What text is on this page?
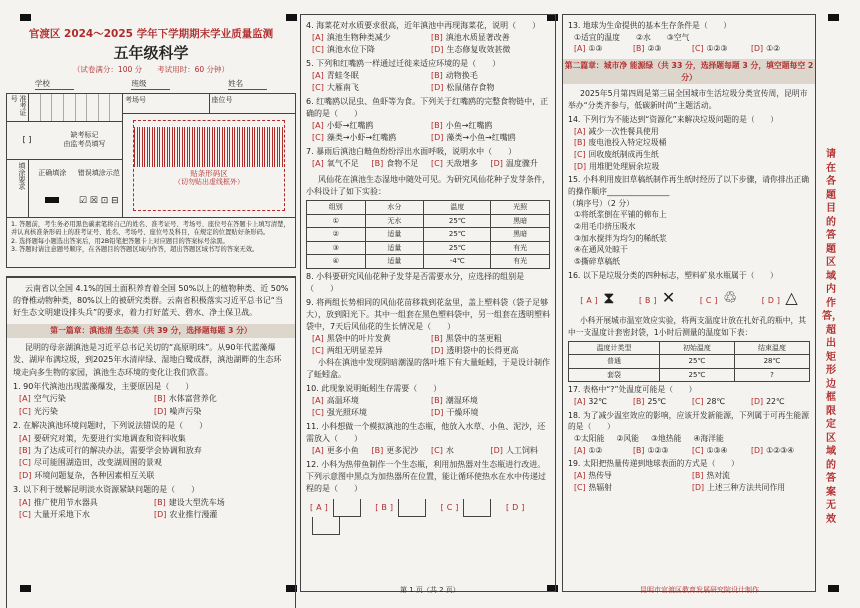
官渡区 2024～2025 学年下学期期末学业质量监测
五年级科学
（试卷满分：100 分　　考试用时：60 分钟）
学校	班级	姓名
准考证号
[ ]	缺考标记
由监考员填写
填涂要求	正确填涂	错误填涂示范
☑ ☒ ⊡ ⊟
考场号	座位号
贴条形码区
（切勿贴出虚线框外）
1. 答题前，考生务必用黑色碳素笔将自己的姓名、准考证号、考场号、座位号在答题卡上填写清楚，并认真核准条形码上的准考证号、姓名、考场号、座位号及科目，在规定的位置贴好条形码。
2. 选择题每小题选出答案后，用2B铅笔把答题卡上对应题目的答案标号涂黑。
3. 答题时请注意题号顺序，在各题目的答题区域内作答，超出答题区域书写的答案无效。

云南省以全国 4.1%的国土面积养育着全国 50%以上的植物种类、近 50%的脊椎动物种类，80%以上的被研究类群。云南省积极落实习近平总书记“当好生态文明建设排头兵”的要求，着力打好蓝天、碧水、净土保卫战。

第一篇章：滇池清 生态美（共 39 分，选择题每题 3 分）

昆明的母亲湖滇池是习近平总书记关切的“高原明珠”。从90年代蓝藻爆发、湖岸布满垃圾，到2025年水清岸绿、湿地白鹭成群，滇池湖畔的生态环境走向多生物的家园，滇池生态环境的变化让我们欣喜。

1. 90年代滇池出现蓝藻爆发，主要原因是（　　）
[A] 空气污染	[B] 水体富营养化
[C] 光污染	[D] 噪声污染
2. 在解决滇池环境问题时，下列说法错误的是（　　）
[A] 要研究对策，先要进行实地调查和资料收集
[B] 为了达成可行的解决办法，需要学会协调和放弃
[C] 尽可能围湖造田，改变湖周围的景观
[D] 环境问题复杂，各种因素相互关联
3. 以下利于缓解昆明淡水资源紧缺问题的是（　　）
[A] 推广使用节水器具	[B] 建设大型洗车场
[C] 大量开采地下水	[D] 农业推行漫灌
4. 海菜花对水质要求很高，近年滇池中再现海菜花，说明（　　）
[A] 滇池生物种类减少	[B] 滇池水质显著改善
[C] 滇池水位下降	[D] 生态修复收效甚微
5. 下列和红嘴鸥一样通过迁徙来适应环境的是（　　）
[A] 青蛙冬眠	[B] 动物换毛
[C] 大雁南飞	[D] 松鼠储存食物
6. 红嘴鸥以昆虫、鱼虾等为食。下列关于红嘴鸥的完整食物链中，正确的是（　　）
[A] 小虾→红嘴鸥	[B] 小鱼→红嘴鸥
[C] 藻类→小虾→红嘴鸥	[D] 藻类→小鱼→红嘴鸥
7. 暴雨后滇池白鲢鱼纷纷浮出水面呼吸，说明水中（　　）
[A] 氧气不足	[B] 食物不足	[C] 天敌增多	[D] 温度骤升

风仙花在滇池生态湿地中随处可见。为研究风仙花种子发芽条件，小科设计了如下实验：

组别	水分	温度	光照
①	无水	25℃	黑暗
②	适量	25℃	黑暗
③	适量	25℃	有光
④	适量	-4℃	有光
8. 小科要研究风仙花种子发芽是否需要水分，应选择的组别是（　　）
9. 将两组长势相同的风仙花苗移栽到花盆里，盖上塑料袋（袋子足够大），放到阳光下。其中一组套在黑色塑料袋中，另一组套在透明塑料袋中，7天后风仙花的生长情况是（　　）
[A] 黑袋中的叶片发黄	[B] 黑袋中的茎更粗
[C] 两组无明显差异	[D] 透明袋中的长得更高

小科在滇池中发现阴暗潮湿的落叶堆下有大量蚯蚓，于是设计制作了蚯蚓盒。

10. 此现象说明蚯蚓生存需要（　　）
[A] 高温环境	[B] 潮湿环境
[C] 强光照环境	[D] 干燥环境
11. 小科想做一个模拟滇池的生态瓶，他放入水草、小鱼、泥沙，还需放入（　　）
[A] 更多小鱼	[B] 更多泥沙	[C] 水	[D] 人工饲料
12. 小科为热带鱼制作一个生态瓶，利用加热器对生态瓶进行改进。下列示意图中黑点为加热器所在位置，能让循环使热水在水中传递过程的是（　　）
[ A ]	[ B ]	[ C ]	[ D ]
13. 地球为生命提供的基本生存条件是（　　）
①适宜的温度 ②水 ③空气
[A] ①③	[B] ②③	[C] ①②③	[D] ①②
第二篇章：城市净 能源绿（共 33 分，选择题每题 3 分，填空题每空 2 分）

2025年5月第四周是第三届全国城市生活垃圾分类宣传周，昆明市举办“分类齐参与，低碳新时尚”主题活动。

14. 下列行为不能达到“资源化”来解决垃圾问题的是（　　）
[A] 减少一次性餐具使用
[B] 废电池投入特定垃圾桶
[C] 回收废纸制成再生纸
[D] 用堆肥处理厨余垃圾
15. 小科利用废旧草稿纸制作再生纸时经历了以下步骤，请你排出正确的操作顺序________________
（填序号）（2 分）
①将纸浆倒在平铺的棉布上
②用毛巾挤压吸水
③加水搅拌为均匀的稀纸浆
④在通风处晾干
⑤撕碎草稿纸
16. 以下是垃圾分类的四种标志，塑料矿泉水瓶属于（　　）
[ A ] ⧗	[ B ] ✕	[ C ] ♲	[ D ] △

小科开展城市温室效应实验，将两支温度计放在扎好孔的瓶中，其中一支温度计套密封袋，1小时后测量的温度如下表：

温度计类型	初始温度	结束温度
普通	25℃	28℃
套袋	25℃	?
17. 表格中“?”处温度可能是（　　）
[A] 32℃	[B] 25℃	[C] 28℃	[D] 22℃
18. 为了减少温室效应的影响，应该开发新能源，下列属于可再生能源的是（　　）
①太阳能 ②风能 ③地热能 ④海洋能
[A] ①②	[B] ①②③	[C] ①③④	[D] ①②③④
19. 太阳把热量传递到地球表面的方式是（　　）
[A] 热传导	[B] 热对流
[C] 热辐射	[D] 上述三种方法共同作用
请在各题目的答题区域内作答，超出矩形边框限定区域的答案无效
第 1 页（共 2 页）	昆明市官渡区教育发展研究院设计制作
